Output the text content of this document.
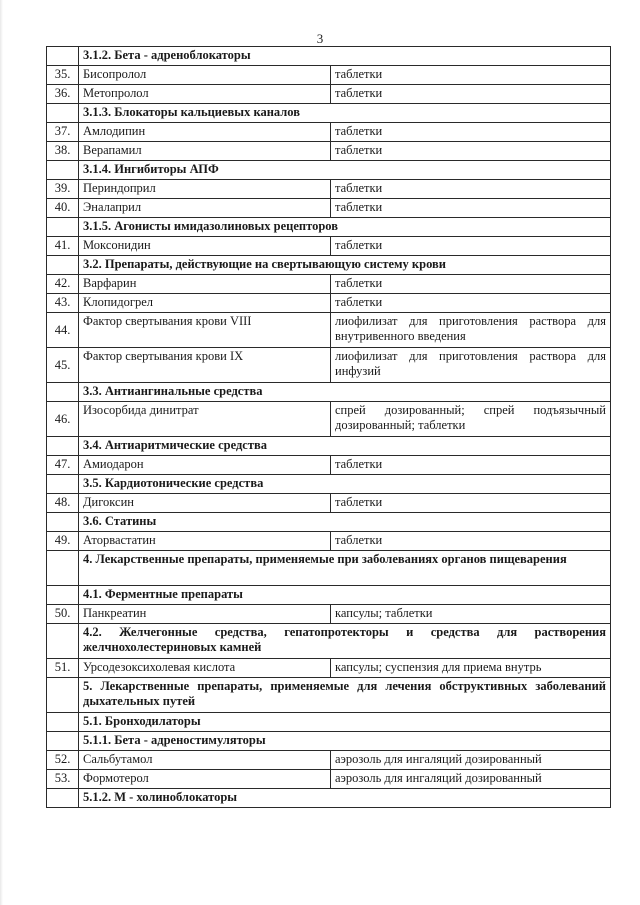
3
	3.1.2. Бета - адреноблокаторы	
35.	Бисопролол	таблетки
36.	Метопролол	таблетки
	3.1.3. Блокаторы кальциевых каналов	
37.	Амлодипин	таблетки
38.	Верапамил	таблетки
	3.1.4. Ингибиторы АПФ	
39.	Периндоприл	таблетки
40.	Эналаприл	таблетки
	3.1.5. Агонисты имидазолиновых рецепторов	
41.	Моксонидин	таблетки
	3.2. Препараты, действующие на свертывающую систему крови	
42.	Варфарин	таблетки
43.	Клопидогрел	таблетки
44.	Фактор свертывания крови VIII	лиофилизат для приготовления раствора для внутривенного введения
45.	Фактор свертывания крови IX	лиофилизат для приготовления раствора для инфузий
	3.3. Антиангинальные средства	
46.	Изосорбида динитрат	спрей дозированный; спрей подъязычный дозированный; таблетки
	3.4. Антиаритмические средства	
47.	Амиодарон	таблетки
	3.5. Кардиотонические средства	
48.	Дигоксин	таблетки
	3.6. Статины	
49.	Аторвастатин	таблетки
	4. Лекарственные препараты, применяемые при заболеваниях органов пищеварения	
	4.1. Ферментные препараты	
50.	Панкреатин	капсулы; таблетки
	4.2. Желчегонные средства, гепатопротекторы и средства для растворения желчнохолестериновых камней	
51.	Урсодезоксихолевая кислота	капсулы; суспензия для приема внутрь
	5. Лекарственные препараты, применяемые для лечения обструктивных заболеваний дыхательных путей	
	5.1. Бронходилаторы	
	5.1.1. Бета - адреностимуляторы	
52.	Сальбутамол	аэрозоль для ингаляций дозированный
53.	Формотерол	аэрозоль для ингаляций дозированный
	5.1.2. М - холиноблокаторы	
